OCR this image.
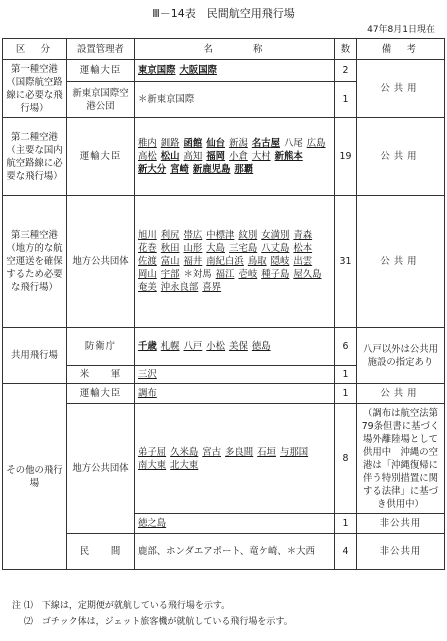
Ⅲ－14表　民間航空用飛行場
47年8月1日現在
区　分	設置管理者	名　　　称	数	備　考
第一種空港
（国際航空路線に必要な飛行場）	運輸大臣	東京国際 大阪国際	2	公共用
	新東京国際空港公団	＊新東京国際	1	
第二種空港
（主要な国内航空路線に必要な飛行場）	運輸大臣	稚内 釧路 函館 仙台 新潟 名古屋 八尾 広島高松 松山 高知 福岡 小倉 大村 新熊本新大分 宮崎 新鹿児島 那覇	19	公共用
第三種空港
（地方的な航空運送を確保するため必要な飛行場）	地方公共団体	旭川 利尻 帯広 中標津 紋別 女満別 青森花巻 秋田 山形 大島 三宅島 八丈島 松本佐渡 富山 福井 南紀白浜 鳥取 隠岐 出雲岡山 宇部 ＊対馬 福江 壱岐 種子島 屋久島奄美 沖永良部 喜界	31	公共用
共用飛行場	防衛庁	千歳 札幌 八戸 小松 美保 徳島	6	八戸以外は公共用施設の指定あり
	米　　軍	三沢	1	
その他の飛行場	運輸大臣	調布	1	公共用
	地方公共団体	弟子屈 久米島 宮古 多良間 石垣 与那国南大東 北大東	8	（調布は航空法第79条但書に基づく場外離陸場として供用中　沖縄の空港は「沖縄復帰に伴う特別措置に関する法律」に基づき供用中）
		徳之島	1	非公共用
	民　　間	鹿部、ホンダエアポート、竜ケ崎、＊大西	4	非公共用
注 ⑴　下線は，定期便が就航している飛行場を示す。
　 ⑵　ゴチック体は，ジェット旅客機が就航している飛行場を示す。
